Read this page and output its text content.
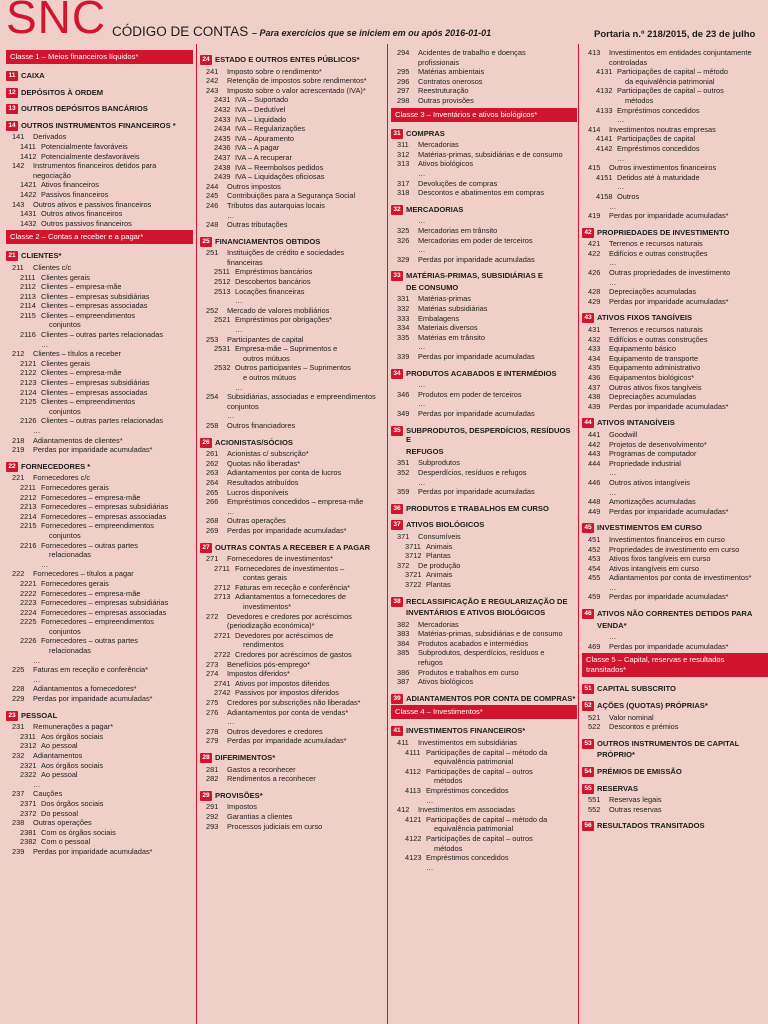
SNC CÓDIGO DE CONTAS – Para exercícios que se iniciem em ou após 2016-01-01	Portaria n.º 218/2015, de 23 de julho
Classe 1 – Meios financeiros líquidos*
11 CAIXA
12 DEPÓSITOS À ORDEM
13 OUTROS DEPÓSITOS BANCÁRIOS
14 OUTROS INSTRUMENTOS FINANCEIROS *
141 Derivados
1411 Potencialmente favoráveis
1412 Potencialmente desfavoráveis
142 Instrumentos financeiros detidos para
negociação
1421 Ativos financeiros
1422 Passivos financeiros
143 Outros ativos e passivos financeiros
1431 Outros ativos financeiros
1432 Outros passivos financeiros
Classe 2 – Contas a receber e a pagar*
21 CLIENTES*
211 Clientes c/c
2111 Clientes gerais
2112 Clientes – empresa-mãe
2113 Clientes – empresas subsidiárias
2114 Clientes – empresas associadas
2115 Clientes – empreendimentos
conjuntos
2116 Clientes – outras partes relacionadas
…
212 Clientes – títulos a receber
2121 Clientes gerais
2122 Clientes – empresa-mãe
2123 Clientes – empresas subsidiárias
2124 Clientes – empresas associadas
2125 Clientes – empreendimentos
conjuntos
2126 Clientes – outras partes relacionadas
…
218 Adiantamentos de clientes*
219 Perdas por imparidade acumuladas*
22 FORNECEDORES *
221 Fornecedores c/c
2211 Fornecedores gerais
2212 Fornecedores – empresa-mãe
2213 Fornecedores – empresas subsidiárias
2214 Fornecedores – empresas associadas
2215 Fornecedores – empreendimentos
conjuntos
2216 Fornecedores – outras partes
relacionadas
…
222 Fornecedores – títulos a pagar
2221 Fornecedores gerais
2222 Fornecedores – empresa-mãe
2223 Fornecedores – empresas subsidiárias
2224 Fornecedores – empresas associadas
2225 Fornecedores – empreendimentos
conjuntos
2226 Fornecedores – outras partes
relacionadas
…
225 Faturas em receção e conferência*
…
228 Adiantamentos a fornecedores*
229 Perdas por imparidade acumuladas*
23 PESSOAL
231 Remunerações a pagar*
2311 Aos órgãos sociais
2312 Ao pessoal
232 Adiantamentos
2321 Aos órgãos sociais
2322 Ao pessoal
…
237 Cauções
2371 Dos órgãos sociais
2372 Do pessoal
238 Outras operações
2381 Com os órgãos sociais
2382 Com o pessoal
239 Perdas por imparidade acumuladas*
24 ESTADO E OUTROS ENTES PÚBLICOS*
241 Imposto sobre o rendimento*
242 Retenção de impostos sobre rendimentos*
243 Imposto sobre o valor acrescentado (IVA)*
2431 IVA – Suportado
2432 IVA – Dedutível
2433 IVA – Liquidado
2434 IVA – Regularizações
2435 IVA – Apuramento
2436 IVA – A pagar
2437 IVA – A recuperar
2438 IVA – Reembolsos pedidos
2439 IVA – Liquidações oficiosas
244 Outros impostos
245 Contribuições para a Segurança Social
246 Tributos das autarquias locais
…
248 Outras tributações
25 FINANCIAMENTOS OBTIDOS
251 Instituições de crédito e sociedades
financeiras
2511 Empréstimos bancários
2512 Descobertos bancários
2513 Locações financeiras
…
252 Mercado de valores mobiliários
2521 Empréstimos por obrigações*
…
253 Participantes de capital
2531 Empresa-mãe – Suprimentos e
outros mútuos
2532 Outros participantes – Suprimentos
e outros mútuos
…
254 Subsidiárias, associadas e empreendimentos
conjuntos
…
258 Outros financiadores
26 ACIONISTAS/SÓCIOS
261 Acionistas c/ subscrição*
262 Quotas não liberadas*
263 Adiantamentos por conta de lucros
264 Resultados atribuídos
265 Lucros disponíveis
266 Empréstimos concedidos – empresa-mãe
…
268 Outras operações
269 Perdas por imparidade acumuladas*
27 OUTRAS CONTAS A RECEBER E A PAGAR
271 Fornecedores de investimentos*
2711 Fornecedores de investimentos –
contas gerais
2712 Faturas em receção e conferência*
2713 Adiantamentos a fornecedores de
investimentos*
272 Devedores e credores por acréscimos
(periodização económica)*
2721 Devedores por acréscimos de
rendimentos
2722 Credores por acréscimos de gastos
273 Benefícios pós-emprego*
274 Impostos diferidos*
2741 Ativos por impostos diferidos
2742 Passivos por impostos diferidos
275 Credores por subscrições não liberadas*
276 Adiantamentos por conta de vendas*
…
278 Outros devedores e credores
279 Perdas por imparidade acumuladas*
28 DIFERIMENTOS*
281 Gastos a reconhecer
282 Rendimentos a reconhecer
29 PROVISÕES*
291 Impostos
292 Garantias a clientes
293 Processos judiciais em curso
294 Acidentes de trabalho e doenças
profissionais
295 Matérias ambientais
296 Contratos onerosos
297 Reestruturação
298 Outras provisões
Classe 3 – Inventários e ativos biológicos*
31 COMPRAS
311 Mercadorias
312 Matérias-primas, subsidiárias e de consumo
313 Ativos biológicos
…
317 Devoluções de compras
318 Descontos e abatimentos em compras
32 MERCADORIAS
…
325 Mercadorias em trânsito
326 Mercadorias em poder de terceiros
…
329 Perdas por imparidade acumuladas
33 MATÉRIAS-PRIMAS, SUBSIDIÁRIAS E
DE CONSUMO
331 Matérias-primas
332 Matérias subsidiárias
333 Embalagens
334 Materiais diversos
335 Matérias em trânsito
…
339 Perdas por imparidade acumuladas
34 PRODUTOS ACABADOS E INTERMÉDIOS
…
346 Produtos em poder de terceiros
…
349 Perdas por imparidade acumuladas
35 SUBPRODUTOS, DESPERDÍCIOS, RESÍDUOS E
REFUGOS
351 Subprodutos
352 Desperdícios, resíduos e refugos
…
359 Perdas por imparidade acumuladas
36 PRODUTOS E TRABALHOS EM CURSO
37 ATIVOS BIOLÓGICOS
371 Consumíveis
3711 Animais
3712 Plantas
372 De produção
3721 Animais
3722 Plantas
38 RECLASSIFICAÇÃO E REGULARIZAÇÃO DE
INVENTÁRIOS E ATIVOS BIOLÓGICOS
382 Mercadorias
383 Matérias-primas, subsidiárias e de consumo
384 Produtos acabados e intermédios
385 Subprodutos, desperdícios, resíduos e
refugos
386 Produtos e trabalhos em curso
387 Ativos biológicos
39 ADIANTAMENTOS POR CONTA DE COMPRAS*
Classe 4 – Investimentos*
41 INVESTIMENTOS FINANCEIROS*
411 Investimentos em subsidiárias
4111 Participações de capital – método da
equivalência patrimonial
4112 Participações de capital – outros
métodos
4113 Empréstimos concedidos
…
412 Investimentos em associadas
4121 Participações de capital – método da
equivalência patrimonial
4122 Participações de capital – outros
métodos
4123 Empréstimos concedidos
…
413 Investimentos em entidades conjuntamente
controladas
4131 Participações de capital – método
da equivalência patrimonial
4132 Participações de capital – outros
métodos
4133 Empréstimos concedidos
…
414 Investimentos noutras empresas
4141 Participações de capital
4142 Empréstimos concedidos
…
415 Outros investimentos financeiros
4151 Detidos até à maturidade
…
4158 Outros
…
419 Perdas por imparidade acumuladas*
42 PROPRIEDADES DE INVESTIMENTO
421 Terrenos e recursos naturais
422 Edifícios e outras construções
…
426 Outras propriedades de investimento
…
428 Depreciações acumuladas
429 Perdas por imparidade acumuladas*
43 ATIVOS FIXOS TANGÍVEIS
431 Terrenos e recursos naturais
432 Edifícios e outras construções
433 Equipamento básico
434 Equipamento de transporte
435 Equipamento administrativo
436 Equipamentos biológicos*
437 Outros ativos fixos tangíveis
438 Depreciações acumuladas
439 Perdas por imparidade acumuladas*
44 ATIVOS INTANGÍVEIS
441 Goodwill
442 Projetos de desenvolvimento*
443 Programas de computador
444 Propriedade industrial
…
446 Outros ativos intangíveis
…
448 Amortizações acumuladas
449 Perdas por imparidade acumuladas*
45 INVESTIMENTOS EM CURSO
451 Investimentos financeiros em curso
452 Propriedades de investimento em curso
453 Ativos fixos tangíveis em curso
454 Ativos intangíveis em curso
455 Adiantamentos por conta de investimentos*
…
459 Perdas por imparidade acumuladas*
46 ATIVOS NÃO CORRENTES DETIDOS PARA
VENDA*
…
469 Perdas por imparidade acumuladas*
Classe 5 – Capital, reservas e resultados transitados*
51 CAPITAL SUBSCRITO
52 AÇÕES (QUOTAS) PRÓPRIAS*
521 Valor nominal
522 Descontos e prémios
53 OUTROS INSTRUMENTOS DE CAPITAL
PRÓPRIO*
54 PRÉMIOS DE EMISSÃO
55 RESERVAS
551 Reservas legais
552 Outras reservas
56 RESULTADOS TRANSITADOS
